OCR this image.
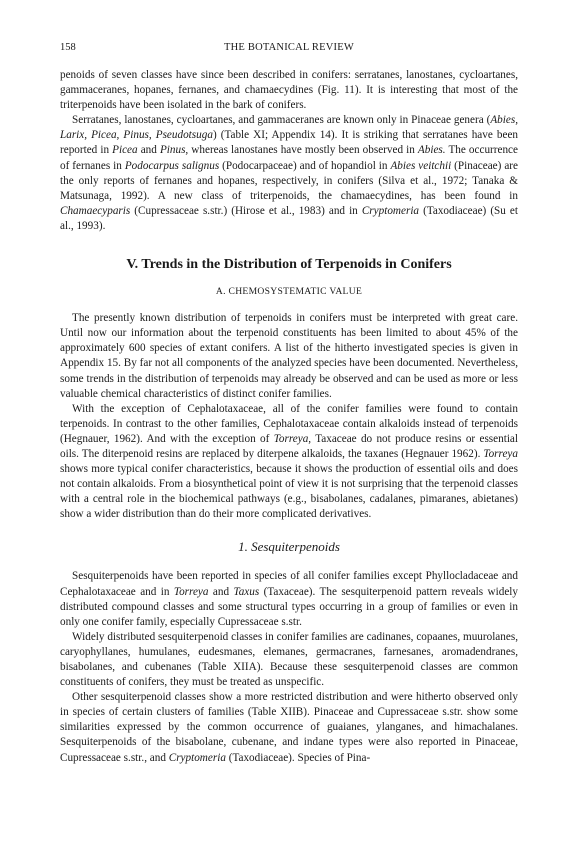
158	THE BOTANICAL REVIEW

penoids of seven classes have since been described in conifers: serratanes, lanostanes, cycloartanes, gammaceranes, hopanes, fernanes, and chamaecydines (Fig. 11). It is interesting that most of the triterpenoids have been isolated in the bark of conifers.

Serratanes, lanostanes, cycloartanes, and gammaceranes are known only in Pinaceae genera (Abies, Larix, Picea, Pinus, Pseudotsuga) (Table XI; Appendix 14). It is striking that serratanes have been reported in Picea and Pinus, whereas lanostanes have mostly been observed in Abies. The occurrence of fernanes in Podocarpus salignus (Podocarpaceae) and of hopandiol in Abies veitchii (Pinaceae) are the only reports of fernanes and hopanes, respectively, in conifers (Silva et al., 1972; Tanaka & Matsunaga, 1992). A new class of triterpenoids, the chamaecydines, has been found in Chamaecyparis (Cupressaceae s.str.) (Hirose et al., 1983) and in Cryptomeria (Taxodiaceae) (Su et al., 1993).

V. Trends in the Distribution of Terpenoids in Conifers
A. CHEMOSYSTEMATIC VALUE

The presently known distribution of terpenoids in conifers must be interpreted with great care. Until now our information about the terpenoid constituents has been limited to about 45% of the approximately 600 species of extant conifers. A list of the hitherto investigated species is given in Appendix 15. By far not all components of the analyzed species have been documented. Nevertheless, some trends in the distribution of terpenoids may already be observed and can be used as more or less valuable chemical characteristics of distinct conifer families.

With the exception of Cephalotaxaceae, all of the conifer families were found to contain terpenoids. In contrast to the other families, Cephalotaxaceae contain alkaloids instead of terpenoids (Hegnauer, 1962). And with the exception of Torreya, Taxaceae do not produce resins or essential oils. The diterpenoid resins are replaced by diterpene alkaloids, the taxanes (Hegnauer 1962). Torreya shows more typical conifer characteristics, because it shows the production of essential oils and does not contain alkaloids. From a biosynthetical point of view it is not surprising that the terpenoid classes with a central role in the biochemical pathways (e.g., bisabolanes, cadalanes, pimaranes, abietanes) show a wider distribution than do their more complicated derivatives.

1. Sesquiterpenoids

Sesquiterpenoids have been reported in species of all conifer families except Phyllocladaceae and Cephalotaxaceae and in Torreya and Taxus (Taxaceae). The sesquiterpenoid pattern reveals widely distributed compound classes and some structural types occurring in a group of families or even in only one conifer family, especially Cupressaceae s.str.

Widely distributed sesquiterpenoid classes in conifer families are cadinanes, copaanes, muurolanes, caryophyllanes, humulanes, eudesmanes, elemanes, germacranes, farnesanes, aromadendranes, bisabolanes, and cubenanes (Table XIIA). Because these sesquiterpenoid classes are common constituents of conifers, they must be treated as unspecific.

Other sesquiterpenoid classes show a more restricted distribution and were hitherto observed only in species of certain clusters of families (Table XIIB). Pinaceae and Cupressaceae s.str. show some similarities expressed by the common occurrence of guaianes, ylanganes, and himachalanes. Sesquiterpenoids of the bisabolane, cubenane, and indane types were also reported in Pinaceae, Cupressaceae s.str., and Cryptomeria (Taxodiaceae). Species of Pina-
